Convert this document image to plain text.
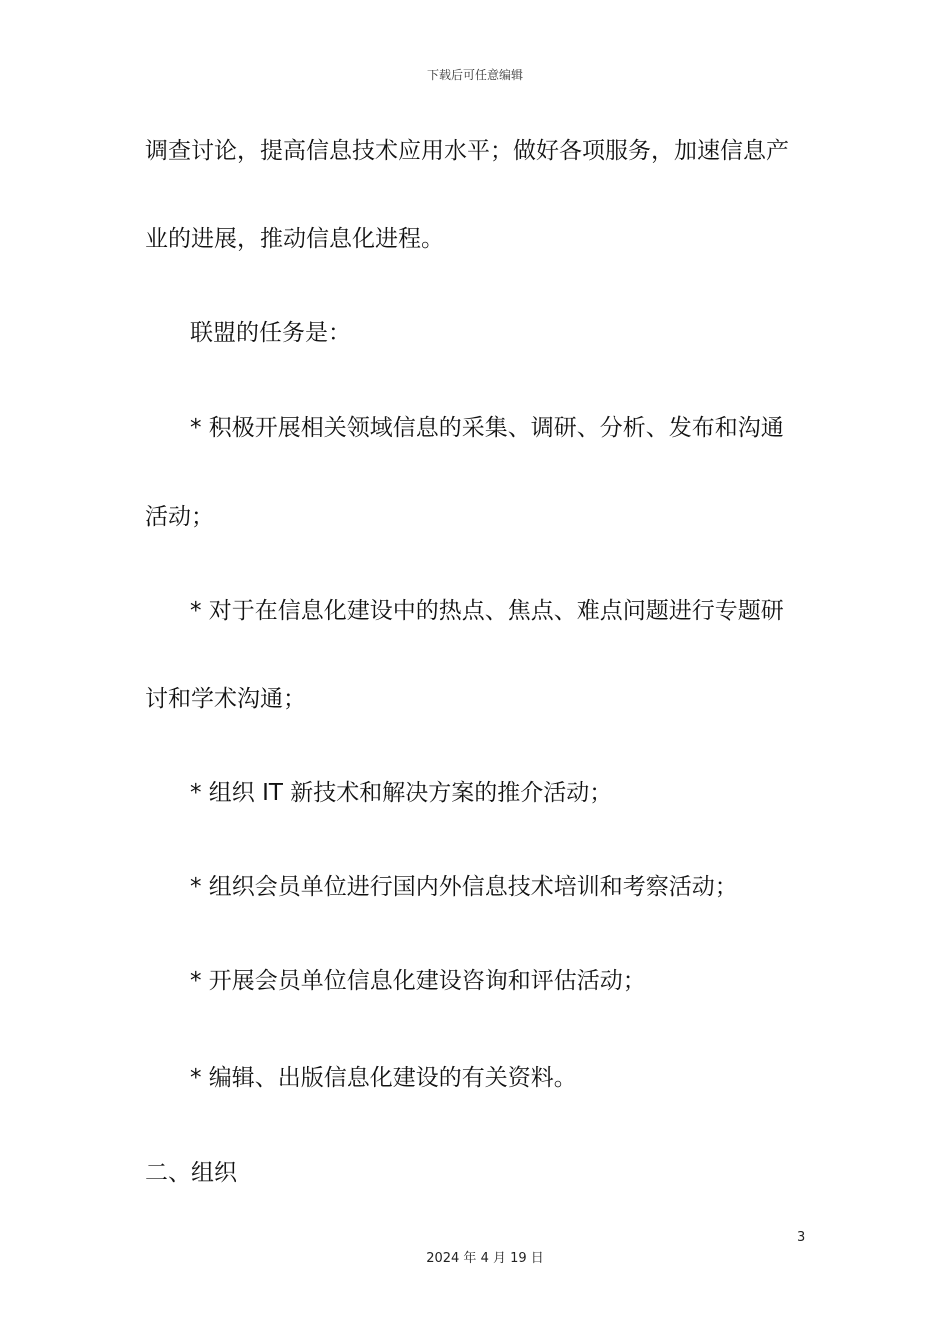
下载后可任意编辑
调查讨论，提高信息技术应用水平；做好各项服务，加速信息产
业的进展，推动信息化进程。
联盟的任务是：
* 积极开展相关领域信息的采集、调研、分析、发布和沟通
活动；
* 对于在信息化建设中的热点、焦点、难点问题进行专题研
讨和学术沟通；
* 组织 IT 新技术和解决方案的推介活动；
* 组织会员单位进行国内外信息技术培训和考察活动；
* 开展会员单位信息化建设咨询和评估活动；
* 编辑、出版信息化建设的有关资料。
二、组织
3
2024 年 4 月 19 日
